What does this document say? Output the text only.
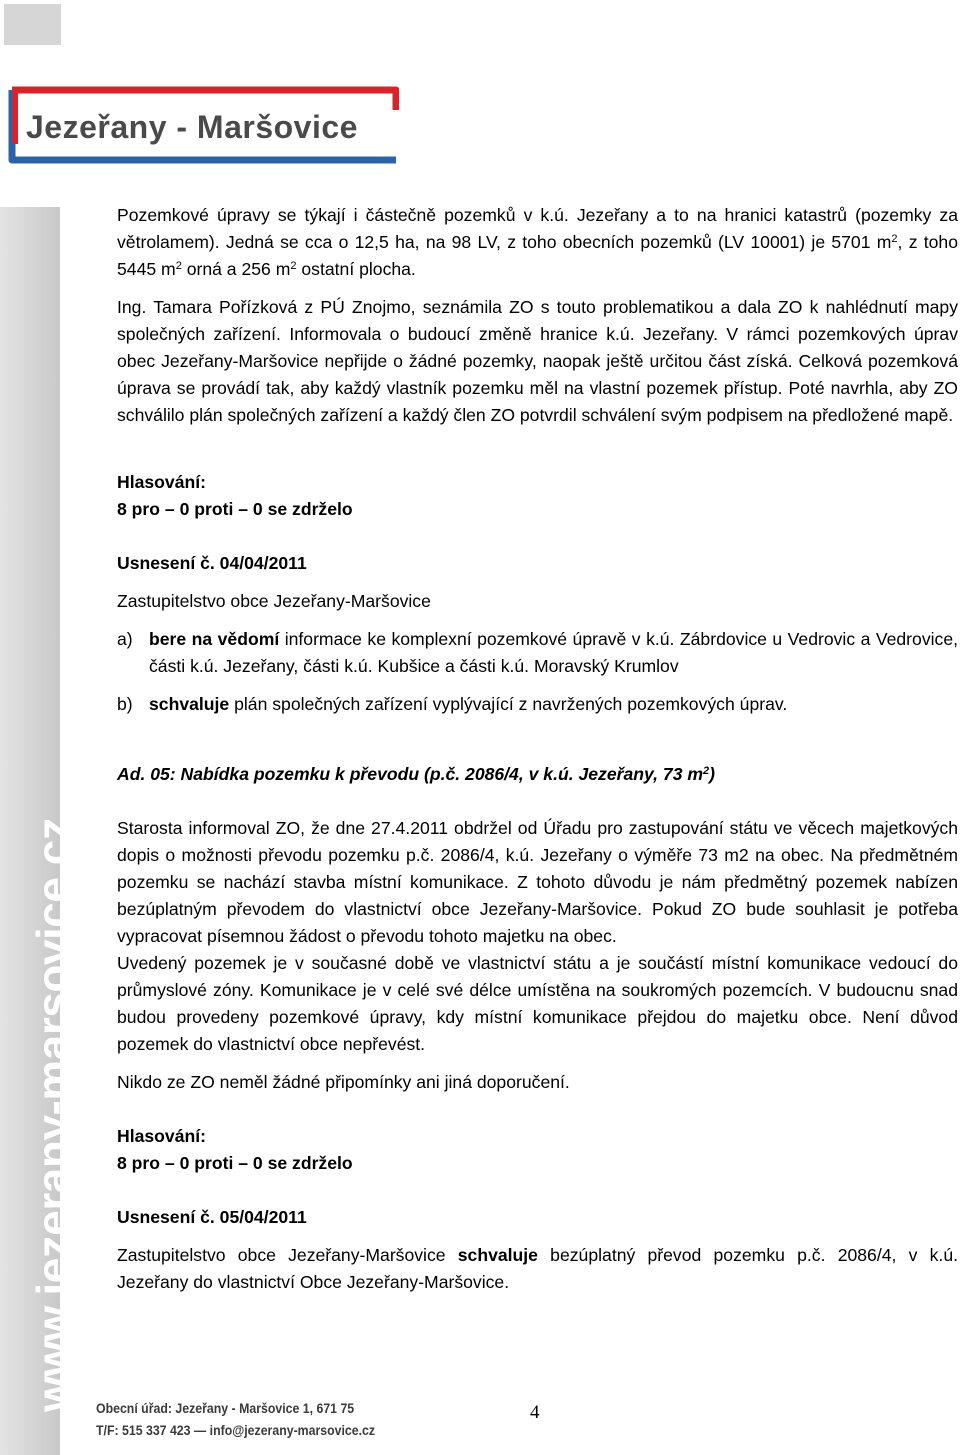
Jezeřany - Maršovice
www.jezerany-marsovice.cz

Pozemkové úpravy se týkají i částečně pozemků v k.ú. Jezeřany a to na hranici katastrů (pozemky za větrolamem). Jedná se cca o 12,5 ha, na 98 LV, z toho obecních pozemků (LV 10001) je 5701 $m^2$, z toho 5445 $m^2$ orná a 256 $m^2$ ostatní plocha.

Ing. Tamara Pořízková z PÚ Znojmo, seznámila ZO s touto problematikou a dala ZO k nahlédnutí mapy společných zařízení. Informovala o budoucí změně hranice k.ú. Jezeřany. V rámci pozemkových úprav obec Jezeřany-Maršovice nepřijde o žádné pozemky, naopak ještě určitou část získá. Celková pozemková úprava se provádí tak, aby každý vlastník pozemku měl na vlastní pozemek přístup. Poté navrhla, aby ZO schválilo plán společných zařízení a každý člen ZO potvrdil schválení svým podpisem na předložené mapě.

Hlasování:

8 pro – 0 proti – 0 se zdrželo

Usnesení č. 04/04/2011

Zastupitelstvo obce Jezeřany-Maršovice

a) bere na vědomí informace ke komplexní pozemkové úpravě v k.ú. Zábrdovice u Vedrovic a Vedrovice, části k.ú. Jezeřany, části k.ú. Kubšice a části k.ú. Moravský Krumlov
b) schvaluje plán společných zařízení vyplývající z navržených pozemkových úprav.

Ad. 05: Nabídka pozemku k převodu (p.č. 2086/4, v k.ú. Jezeřany, 73 $m^2$)

Starosta informoval ZO, že dne 27.4.2011 obdržel od Úřadu pro zastupování státu ve věcech majetkových dopis o možnosti převodu pozemku p.č. 2086/4, k.ú. Jezeřany o výměře 73 m2 na obec. Na předmětném pozemku se nachází stavba místní komunikace. Z tohoto důvodu je nám předmětný pozemek nabízen bezúplatným převodem do vlastnictví obce Jezeřany-Maršovice. Pokud ZO bude souhlasit je potřeba vypracovat písemnou žádost o převodu tohoto majetku na obec.

Uvedený pozemek je v současné době ve vlastnictví státu a je součástí místní komunikace vedoucí do průmyslové zóny. Komunikace je v celé své délce umístěna na soukromých pozemcích. V budoucnu snad budou provedeny pozemkové úpravy, kdy místní komunikace přejdou do majetku obce. Není důvod pozemek do vlastnictví obce nepřevést.

Nikdo ze ZO neměl žádné připomínky ani jiná doporučení.

Hlasování:

8 pro – 0 proti – 0 se zdrželo

Usnesení č. 05/04/2011

Zastupitelstvo obce Jezeřany-Maršovice schvaluje bezúplatný převod pozemku p.č. 2086/4, v k.ú. Jezeřany do vlastnictví Obce Jezeřany-Maršovice.

Obecní úřad: Jezeřany - Maršovice 1, 671 75
T/F: 515 337 423 — info@jezerany-marsovice.cz
4
